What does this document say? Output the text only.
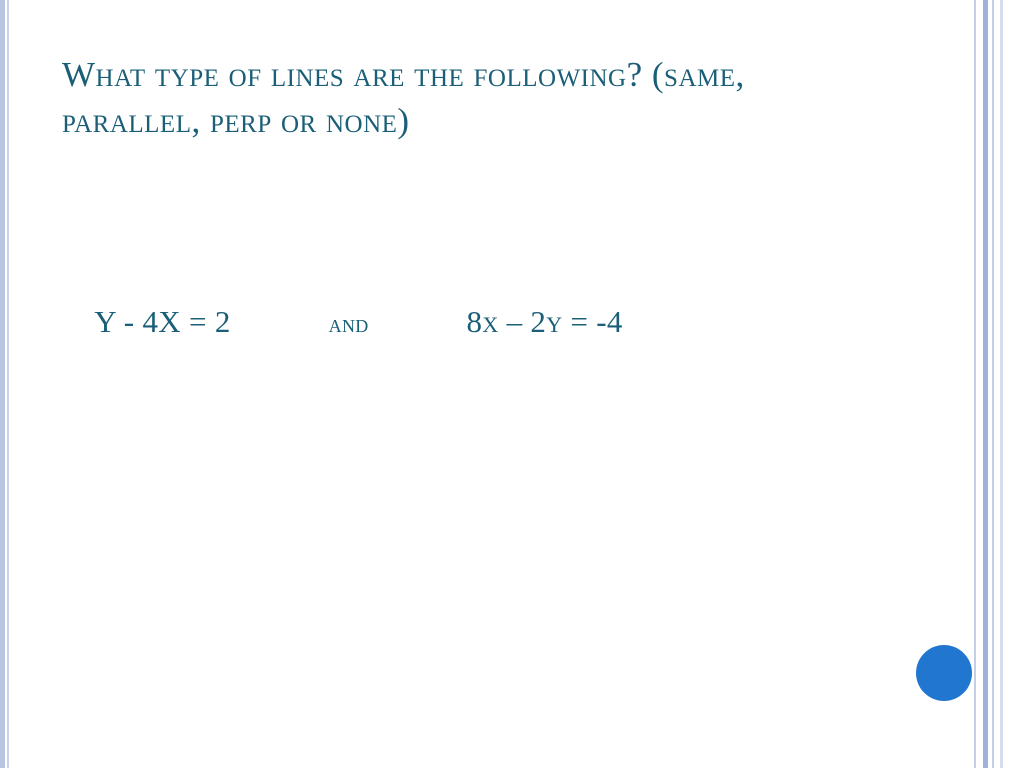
What type of lines are the following? (same, parallel, perp or none)

Y - 4X = 2	and	8x – 2y = -4
